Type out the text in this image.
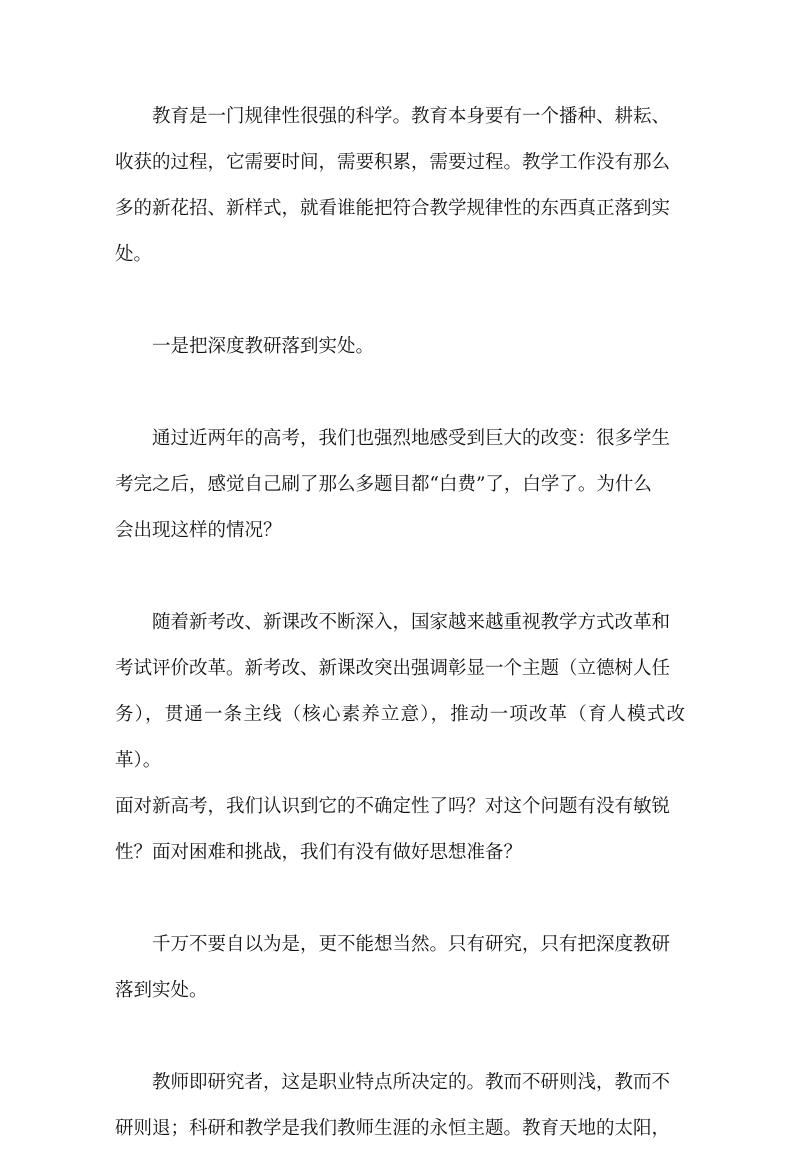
教育是一门规律性很强的科学。教育本身要有一个播种、耕耘、
收获的过程，它需要时间，需要积累，需要过程。教学工作没有那么
多的新花招、新样式，就看谁能把符合教学规律性的东西真正落到实
处。

一是把深度教研落到实处。

通过近两年的高考，我们也强烈地感受到巨大的改变：很多学生
考完之后，感觉自己刷了那么多题目都“白费”了，白学了。为什么
会出现这样的情况？

随着新考改、新课改不断深入，国家越来越重视教学方式改革和
考试评价改革。新考改、新课改突出强调彰显一个主题（立德树人任
务），贯通一条主线（核心素养立意），推动一项改革（育人模式改革）。
面对新高考，我们认识到它的不确定性了吗？对这个问题有没有敏锐
性？面对困难和挑战，我们有没有做好思想准备？

千万不要自以为是，更不能想当然。只有研究，只有把深度教研
落到实处。

教师即研究者，这是职业特点所决定的。教而不研则浅，教而不
研则退；科研和教学是我们教师生涯的永恒主题。教育天地的太阳，
